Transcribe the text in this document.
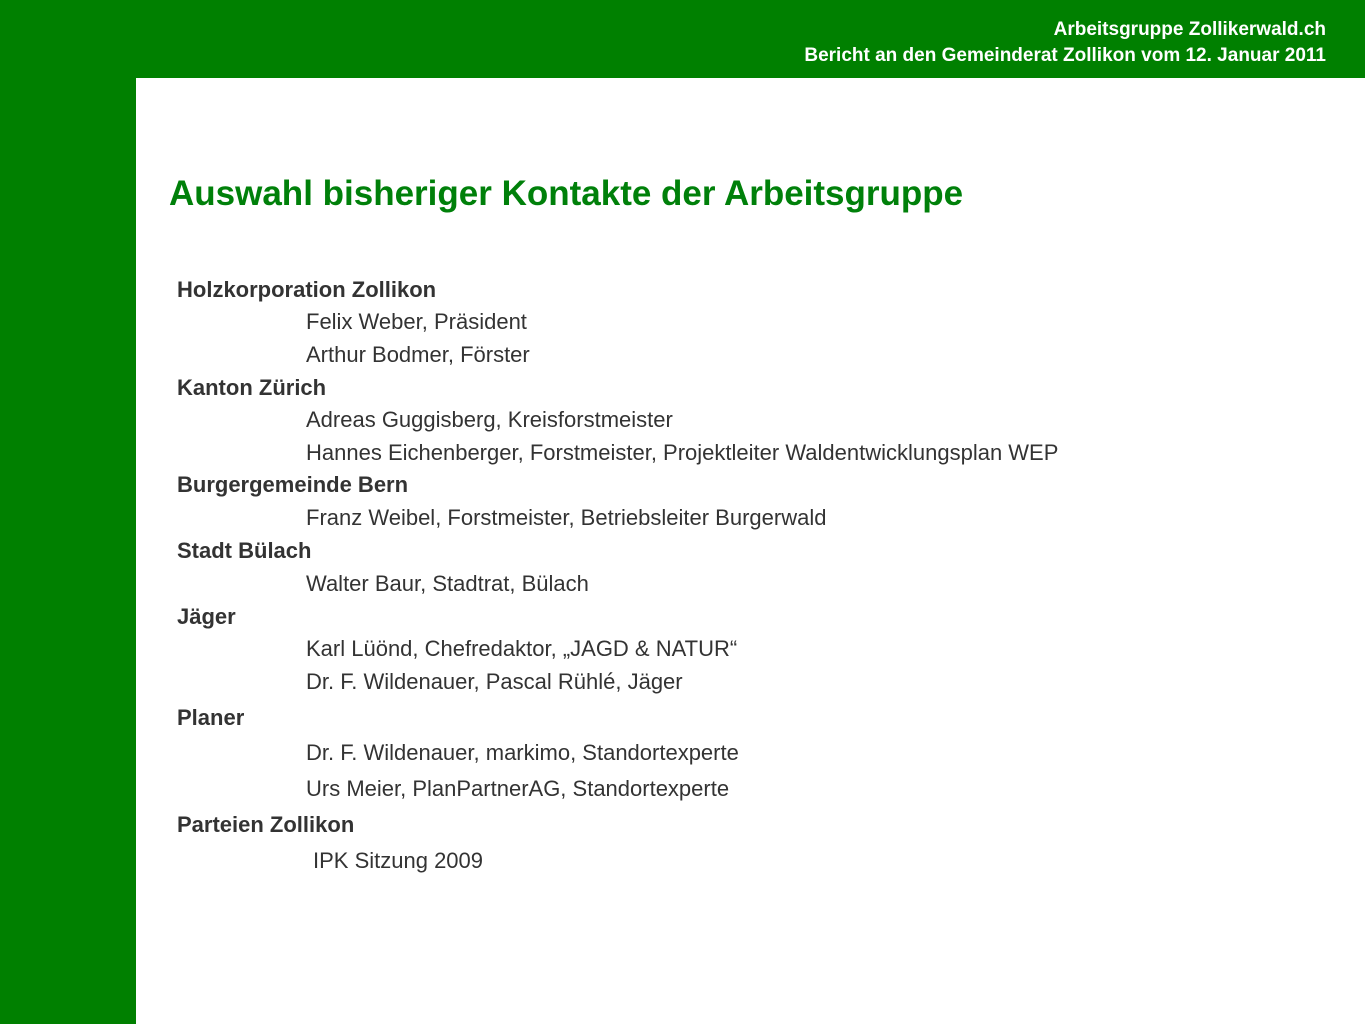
Arbeitsgruppe Zollikerwald.ch
Bericht an den Gemeinderat Zollikon vom 12. Januar 2011
Auswahl bisheriger Kontakte der Arbeitsgruppe
Holzkorporation Zollikon
Felix Weber, Präsident
Arthur Bodmer, Förster
Kanton Zürich
Adreas Guggisberg, Kreisforstmeister
Hannes Eichenberger, Forstmeister, Projektleiter Waldentwicklungsplan WEP
Burgergemeinde Bern
Franz Weibel, Forstmeister, Betriebsleiter Burgerwald
Stadt Bülach
Walter Baur, Stadtrat, Bülach
Jäger
Karl Lüönd, Chefredaktor, „JAGD & NATUR“
Dr. F. Wildenauer, Pascal Rühlé, Jäger
Planer
Dr. F. Wildenauer, markimo, Standortexperte
Urs Meier, PlanPartnerAG, Standortexperte
Parteien Zollikon
IPK Sitzung 2009
